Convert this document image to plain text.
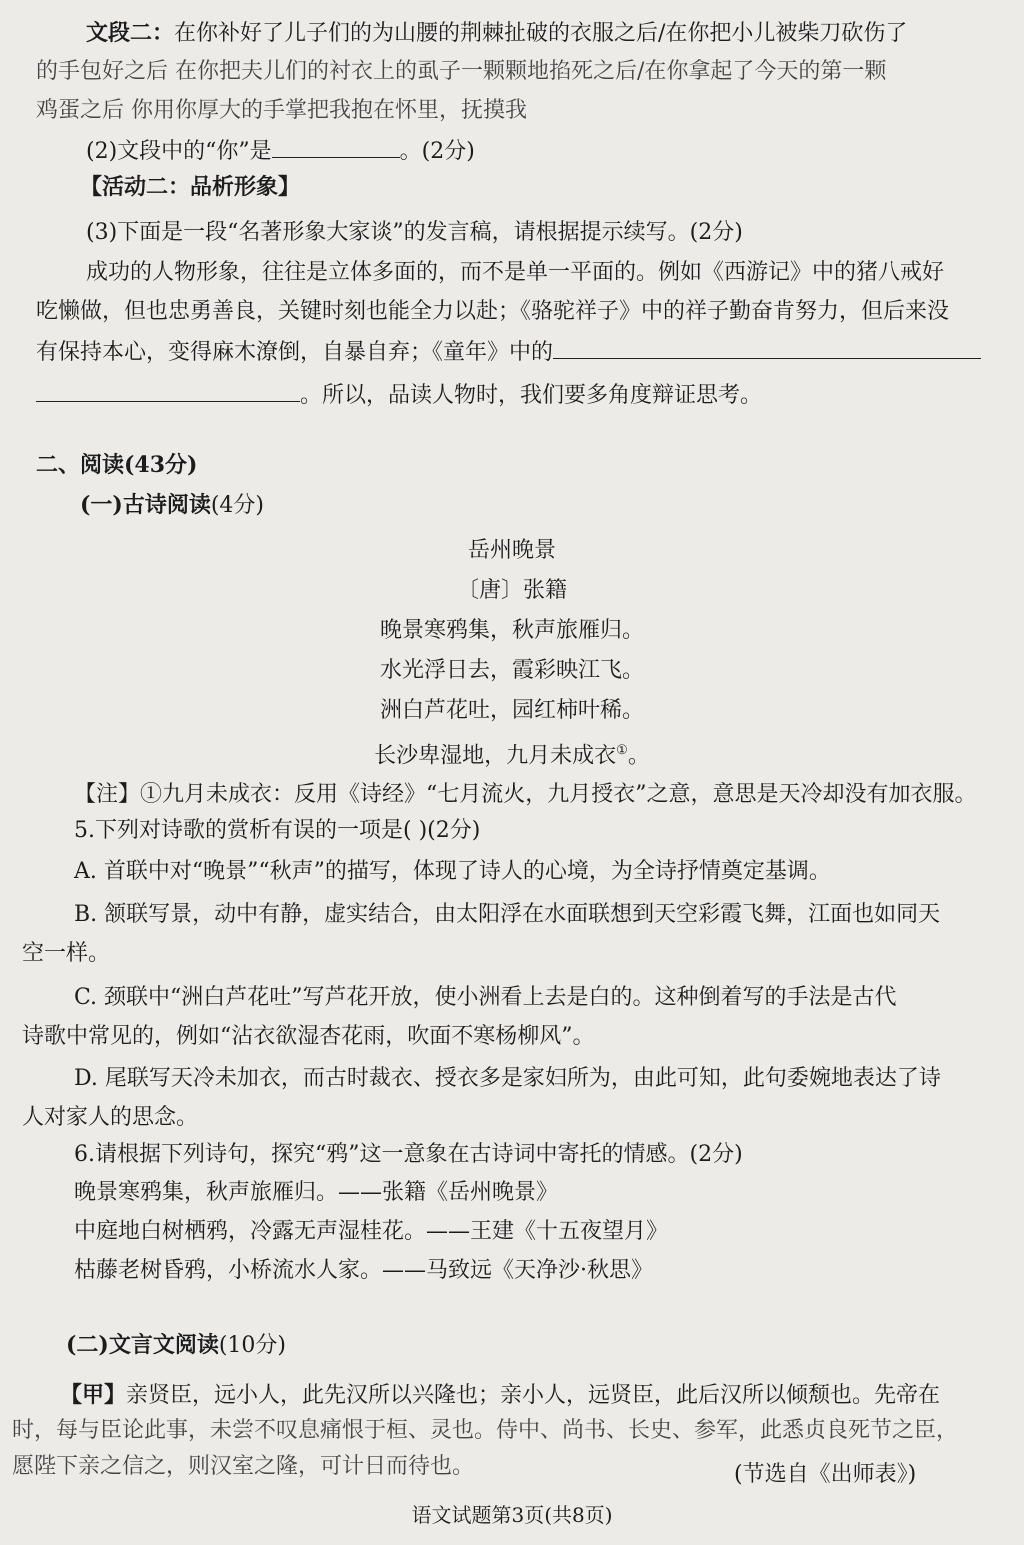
文段二：在你补好了儿子们的为山腰的荆棘扯破的衣服之后/在你把小儿被柴刀砍伤了
的手包好之后 在你把夫儿们的衬衣上的虱子一颗颗地掐死之后/在你拿起了今天的第一颗
鸡蛋之后 你用你厚大的手掌把我抱在怀里，抚摸我
(2)文段中的“你”是	。(2分)
【活动二：品析形象】
(3)下面是一段“名著形象大家谈”的发言稿，请根据提示续写。(2分)
成功的人物形象，往往是立体多面的，而不是单一平面的。例如《西游记》中的猪八戒好
吃懒做，但也忠勇善良，关键时刻也能全力以赴；《骆驼祥子》中的祥子勤奋肯努力，但后来没
有保持本心，变得麻木潦倒，自暴自弃；《童年》中的
。所以，品读人物时，我们要多角度辩证思考。
二、阅读(43分)
(一)古诗阅读(4分)
岳州晚景
〔唐〕张籍
晚景寒鸦集，秋声旅雁归。
水光浮日去，霞彩映江飞。
洲白芦花吐，园红柿叶稀。
长沙卑湿地，九月未成衣①。
【注】①九月未成衣：反用《诗经》“七月流火，九月授衣”之意，意思是天冷却没有加衣服。
5.下列对诗歌的赏析有误的一项是( )(2分)
A. 首联中对“晚景”“秋声”的描写，体现了诗人的心境，为全诗抒情奠定基调。
B. 颔联写景，动中有静，虚实结合，由太阳浮在水面联想到天空彩霞飞舞，江面也如同天
空一样。
C. 颈联中“洲白芦花吐”写芦花开放，使小洲看上去是白的。这种倒着写的手法是古代
诗歌中常见的，例如“沾衣欲湿杏花雨，吹面不寒杨柳风”。
D. 尾联写天冷未加衣，而古时裁衣、授衣多是家妇所为，由此可知，此句委婉地表达了诗
人对家人的思念。
6.请根据下列诗句，探究“鸦”这一意象在古诗词中寄托的情感。(2分)
晚景寒鸦集，秋声旅雁归。——张籍《岳州晚景》
中庭地白树栖鸦，冷露无声湿桂花。——王建《十五夜望月》
枯藤老树昏鸦，小桥流水人家。——马致远《天净沙·秋思》
(二)文言文阅读(10分)
【甲】亲贤臣，远小人，此先汉所以兴隆也；亲小人，远贤臣，此后汉所以倾颓也。先帝在
时，每与臣论此事，未尝不叹息痛恨于桓、灵也。侍中、尚书、长史、参军，此悉贞良死节之臣，
愿陛下亲之信之，则汉室之隆，可计日而待也。	(节选自《出师表》)
语文试题第3页(共8页)
